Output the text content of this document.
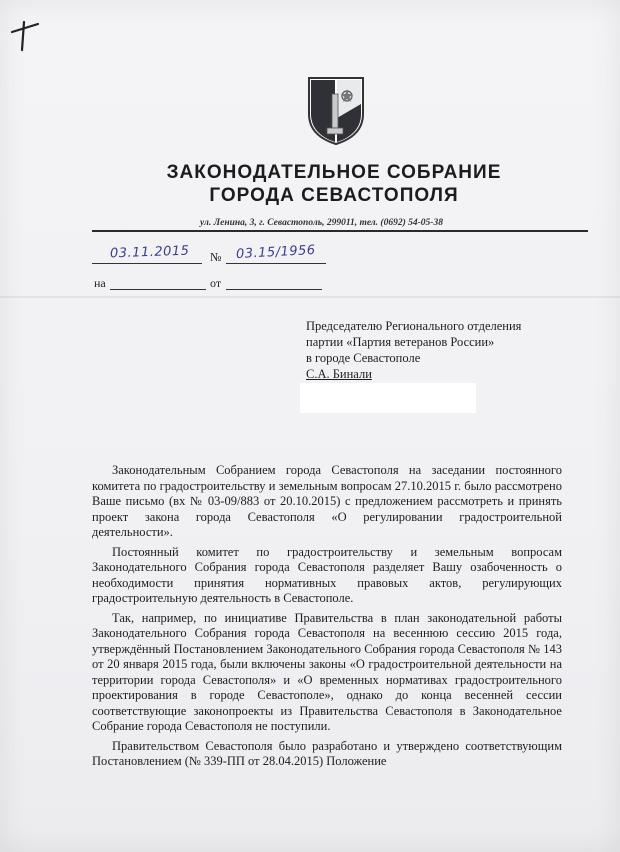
ЗАКОНОДАТЕЛЬНОЕ СОБРАНИЕ
ГОРОДА СЕВАСТОПОЛЯ
ул. Ленина, 3, г. Севастополь, 299011, тел. (0692) 54-05-38
03.11.2015 № 03.15/1956
на	от
Председателю Регионального отделения
партии «Партия ветеранов России»
в городе Севастополе
С.А. Бинали

Законодательным Собранием города Севастополя на заседании постоянного комитета по градостроительству и земельным вопросам 27.10.2015 г. было рассмотрено Ваше письмо (вх № 03-09/883 от 20.10.2015) с предложением рассмотреть и принять проект закона города Севастополя «О регулировании градостроительной деятельности».

Постоянный комитет по градостроительству и земельным вопросам Законодательного Собрания города Севастополя разделяет Вашу озабоченность о необходимости принятия нормативных правовых актов, регулирующих градостроительную деятельность в Севастополе.

Так, например, по инициативе Правительства в план законодательной работы Законодательного Собрания города Севастополя на весеннюю сессию 2015 года, утверждённый Постановлением Законодательного Собрания города Севастополя № 143 от 20 января 2015 года, были включены законы «О градостроительной деятельности на территории города Севастополя» и «О временных нормативах градостроительного проектирования в городе Севастополе», однако до конца весенней сессии соответствующие законопроекты из Правительства Севастополя в Законодательное Собрание города Севастополя не поступили.

Правительством Севастополя было разработано и утверждено соответствующим Постановлением (№ 339-ПП от 28.04.2015) Положение
